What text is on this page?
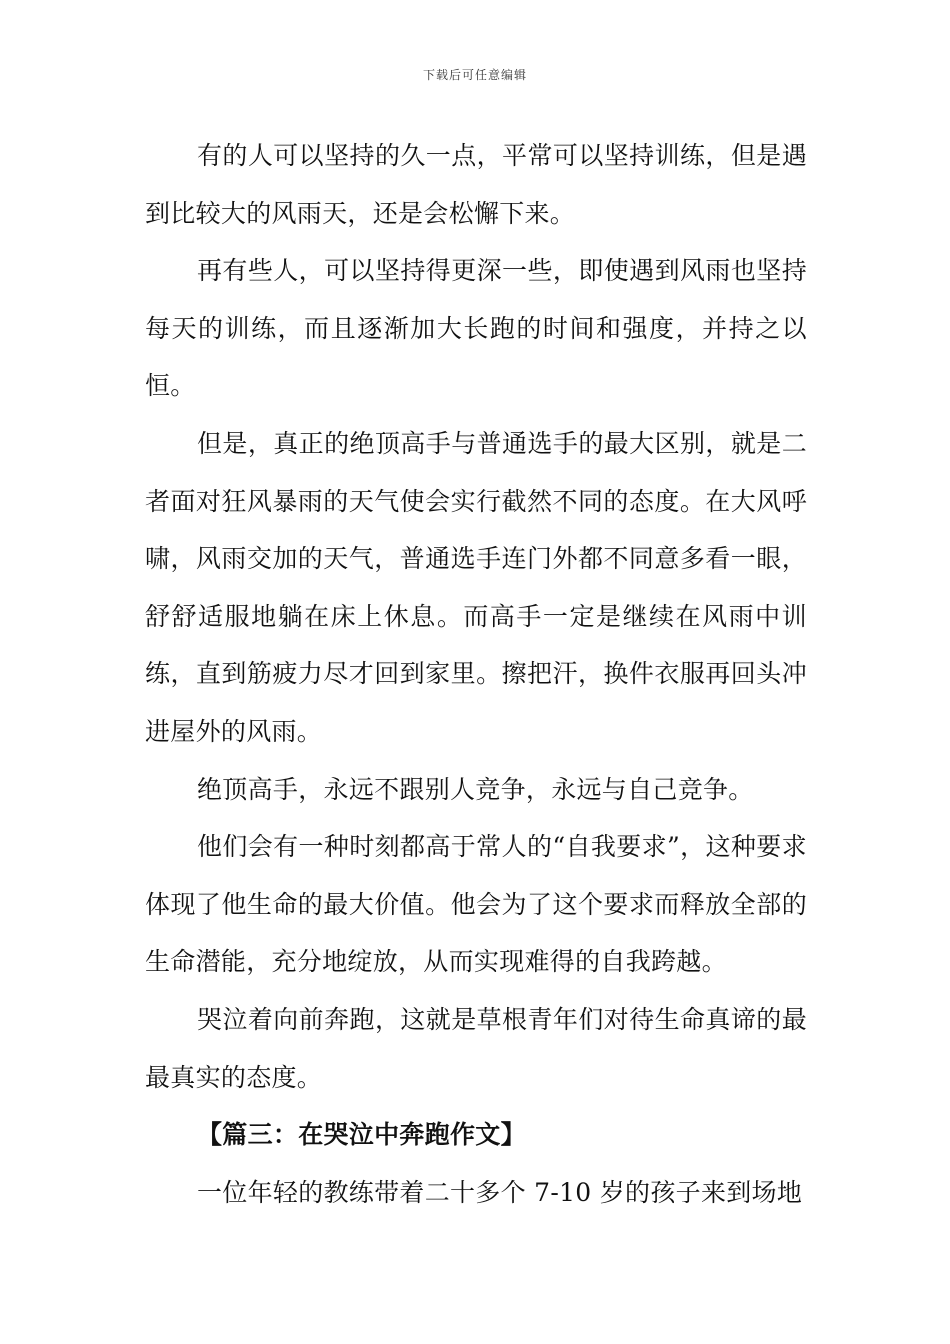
下载后可任意编辑

有的人可以坚持的久一点，平常可以坚持训练，但是遇到比较大的风雨天，还是会松懈下来。

再有些人，可以坚持得更深一些，即使遇到风雨也坚持每天的训练，而且逐渐加大长跑的时间和强度，并持之以恒。

但是，真正的绝顶高手与普通选手的最大区别，就是二者面对狂风暴雨的天气使会实行截然不同的态度。在大风呼啸，风雨交加的天气，普通选手连门外都不同意多看一眼，舒舒适服地躺在床上休息。而高手一定是继续在风雨中训练，直到筋疲力尽才回到家里。擦把汗，换件衣服再回头冲进屋外的风雨。

绝顶高手，永远不跟别人竞争，永远与自己竞争。

他们会有一种时刻都高于常人的“自我要求”，这种要求体现了他生命的最大价值。他会为了这个要求而释放全部的生命潜能，充分地绽放，从而实现难得的自我跨越。

哭泣着向前奔跑，这就是草根青年们对待生命真谛的最最真实的态度。

【篇三：在哭泣中奔跑作文】

一位年轻的教练带着二十多个 7-10 岁的孩子来到场地
